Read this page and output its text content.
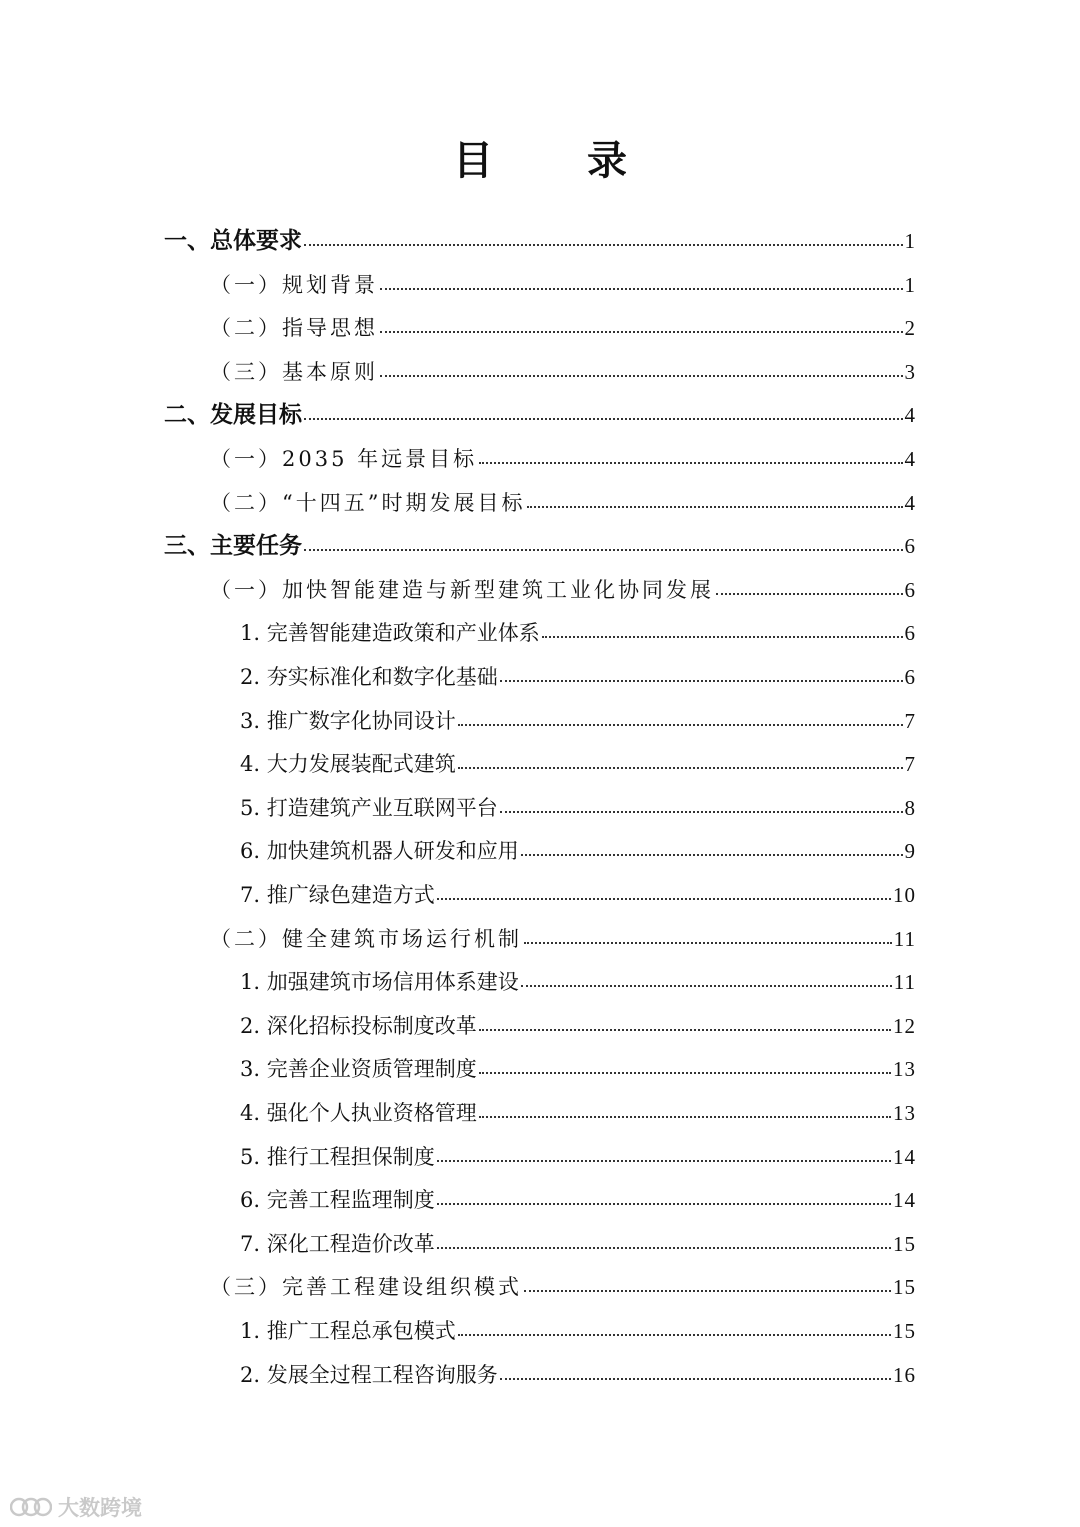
目 录
一、总体要求	1
（一）规划背景	1
（二）指导思想	2
（三）基本原则	3
二、发展目标	4
（一）2035 年远景目标	4
（二）“十四五”时期发展目标	4
三、主要任务	6
（一）加快智能建造与新型建筑工业化协同发展	6
1. 完善智能建造政策和产业体系	6
2. 夯实标准化和数字化基础	6
3. 推广数字化协同设计	7
4. 大力发展装配式建筑	7
5. 打造建筑产业互联网平台	8
6. 加快建筑机器人研发和应用	9
7. 推广绿色建造方式	10
（二）健全建筑市场运行机制	11
1. 加强建筑市场信用体系建设	11
2. 深化招标投标制度改革	12
3. 完善企业资质管理制度	13
4. 强化个人执业资格管理	13
5. 推行工程担保制度	14
6. 完善工程监理制度	14
7. 深化工程造价改革	15
（三）完善工程建设组织模式	15
1. 推广工程总承包模式	15
2. 发展全过程工程咨询服务	16
大数跨境
